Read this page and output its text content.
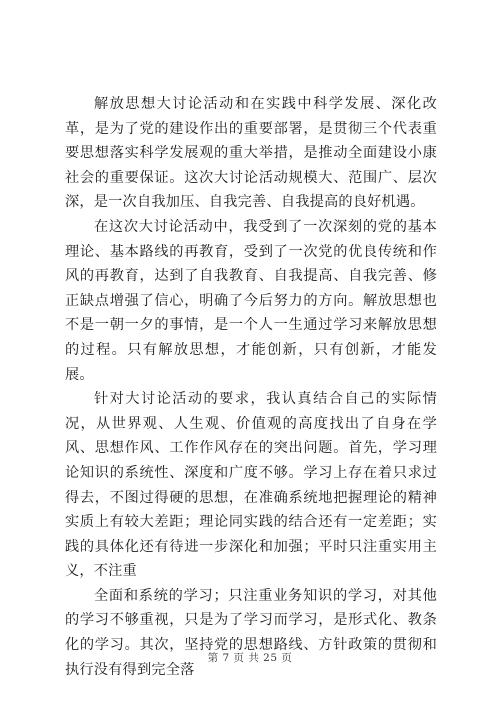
解放思想大讨论活动和在实践中科学发展、深化改革，是为了党的建设作出的重要部署，是贯彻三个代表重要思想落实科学发展观的重大举措，是推动全面建设小康社会的重要保证。这次大讨论活动规模大、范围广、层次深，是一次自我加压、自我完善、自我提高的良好机遇。

在这次大讨论活动中，我受到了一次深刻的党的基本理论、基本路线的再教育，受到了一次党的优良传统和作风的再教育，达到了自我教育、自我提高、自我完善、修正缺点增强了信心，明确了今后努力的方向。解放思想也不是一朝一夕的事情，是一个人一生通过学习来解放思想的过程。只有解放思想，才能创新，只有创新，才能发展。

针对大讨论活动的要求，我认真结合自己的实际情况，从世界观、人生观、价值观的高度找出了自身在学风、思想作风、工作作风存在的突出问题。首先，学习理论知识的系统性、深度和广度不够。学习上存在着只求过得去，不图过得硬的思想，在准确系统地把握理论的精神实质上有较大差距；理论同实践的结合还有一定差距；实践的具体化还有待进一步深化和加强；平时只注重实用主义，不注重

全面和系统的学习；只注重业务知识的学习，对其他的学习不够重视，只是为了学习而学习，是形式化、教条化的学习。其次，坚持党的思想路线、方针政策的贯彻和执行没有得到完全落

第 7 页 共 25 页
